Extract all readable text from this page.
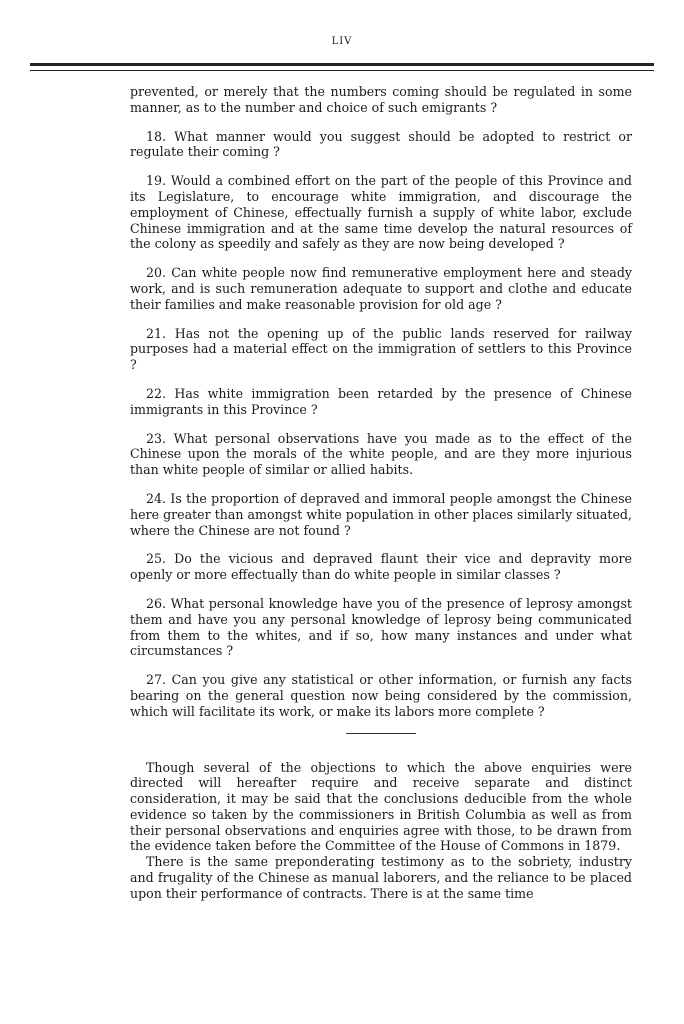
LIV

prevented, or merely that the numbers coming should be regulated in some manner, as to the number and choice of such emigrants ?

18. What manner would you suggest should be adopted to restrict or regulate their coming ?

19. Would a combined effort on the part of the people of this Province and its Legislature, to encourage white immigration, and discourage the employment of Chinese, effectually furnish a supply of white labor, exclude Chinese immigration and at the same time develop the natural resources of the colony as speedily and safely as they are now being developed ?

20. Can white people now find remunerative employment here and steady work, and is such remuneration adequate to support and clothe and educate their families and make reasonable provision for old age ?

21. Has not the opening up of the public lands reserved for railway purposes had a material effect on the immigration of settlers to this Province ?

22. Has white immigration been retarded by the presence of Chinese immigrants in this Province ?

23. What personal observations have you made as to the effect of the Chinese upon the morals of the white people, and are they more injurious than white people of similar or allied habits.

24. Is the proportion of depraved and immoral people amongst the Chinese here greater than amongst white population in other places similarly situated, where the Chinese are not found ?

25. Do the vicious and depraved flaunt their vice and depravity more openly or more effectually than do white people in similar classes ?

26. What personal knowledge have you of the presence of leprosy amongst them and have you any personal knowledge of leprosy being communicated from them to the whites, and if so, how many instances and under what circumstances ?

27. Can you give any statistical or other information, or furnish any facts bearing on the general question now being considered by the commission, which will facilitate its work, or make its labors more complete ?

Though several of the objections to which the above enquiries were directed will hereafter require and receive separate and distinct consideration, it may be said that the conclusions deducible from the whole evidence so taken by the commissioners in British Columbia as well as from their personal observations and enquiries agree with those, to be drawn from the evidence taken before the Committee of the House of Commons in 1879.

There is the same preponderating testimony as to the sobriety, industry and frugality of the Chinese as manual laborers, and the reliance to be placed upon their performance of contracts. There is at the same time
